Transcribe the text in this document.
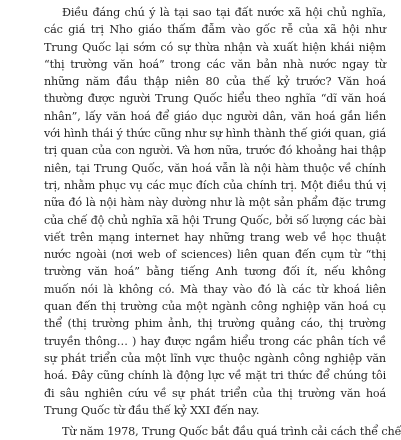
Điều đáng chú ý là tại sao tại đất nước xã hội chủ nghĩa, các giá trị Nho giáo thấm đẫm vào gốc rễ của xã hội như Trung Quốc lại sớm có sự thừa nhận và xuất hiện khái niệm “thị trường văn hoá” trong các văn bản nhà nước ngay từ những năm đầu thập niên 80 của thế kỷ trước? Văn hoá thường được người Trung Quốc hiểu theo nghĩa “dĩ văn hoá nhân”, lấy văn hoá để giáo dục người dân, văn hoá gắn liền với hình thái ý thức cũng như sự hình thành thế giới quan, giá trị quan của con người. Và hơn nữa, trước đó khoảng hai thập niên, tại Trung Quốc, văn hoá vẫn là nội hàm thuộc về chính trị, nhằm phục vụ các mục đích của chính trị. Một điều thú vị nữa đó là nội hàm này dường như là một sản phẩm đặc trưng của chế độ chủ nghĩa xã hội Trung Quốc, bởi số lượng các bài viết trên mạng internet hay những trang web về học thuật nước ngoài (nơi web of sciences) liên quan đến cụm từ “thị trường văn hoá” bằng tiếng Anh tương đối ít, nếu không muốn nói là không có. Mà thay vào đó là các từ khoá liên quan đến thị trường của một ngành công nghiệp văn hoá cụ thể (thị trường phim ảnh, thị trường quảng cáo, thị trường truyền thông… ) hay được ngầm hiểu trong các phân tích về sự phát triển của một lĩnh vực thuộc ngành công nghiệp văn hoá. Đây cũng chính là động lực về mặt tri thức để chúng tôi đi sâu nghiên cứu về sự phát triển của thị trường văn hoá Trung Quốc từ đầu thế kỷ XXI đến nay.

Từ năm 1978, Trung Quốc bắt đầu quá trình cải cách thể chế
